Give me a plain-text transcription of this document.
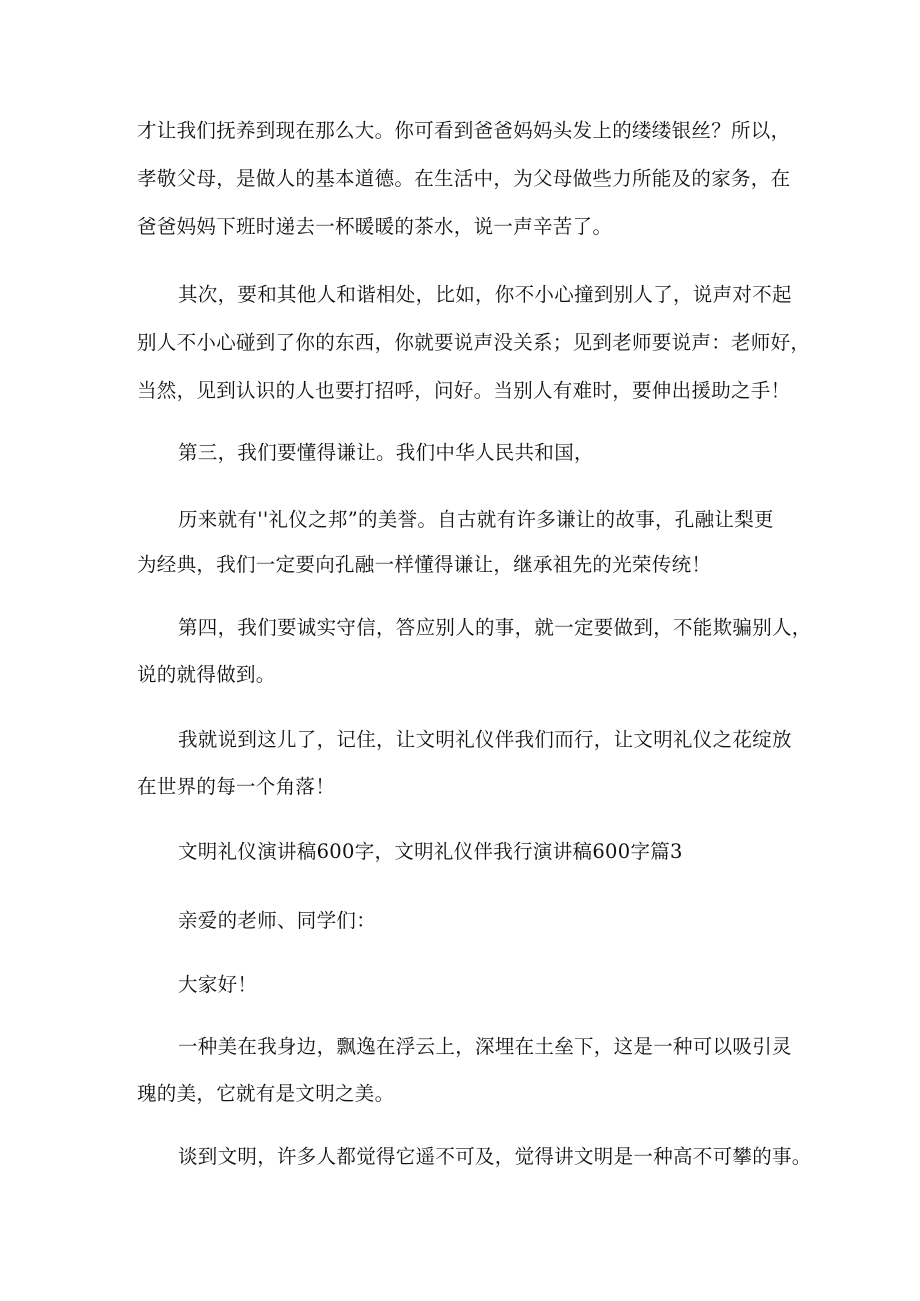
才让我们抚养到现在那么大。你可看到爸爸妈妈头发上的缕缕银丝？所以，
孝敬父母，是做人的基本道德。在生活中，为父母做些力所能及的家务，在
爸爸妈妈下班时递去一杯暖暖的茶水，说一声辛苦了。
其次，要和其他人和谐相处，比如，你不小心撞到别人了，说声对不起
别人不小心碰到了你的东西，你就要说声没关系；见到老师要说声：老师好，
当然，见到认识的人也要打招呼，问好。当别人有难时，要伸出援助之手！
第三，我们要懂得谦让。我们中华人民共和国，
历来就有''礼仪之邦”的美誉。自古就有许多谦让的故事，孔融让梨更
为经典，我们一定要向孔融一样懂得谦让，继承祖先的光荣传统！
第四，我们要诚实守信，答应别人的事，就一定要做到，不能欺骗别人，
说的就得做到。
我就说到这儿了，记住，让文明礼仪伴我们而行，让文明礼仪之花绽放
在世界的每一个角落！
文明礼仪演讲稿600字，文明礼仪伴我行演讲稿600字篇3
亲爱的老师、同学们：
大家好！
一种美在我身边，飘逸在浮云上，深埋在土垒下，这是一种可以吸引灵
瑰的美，它就有是文明之美。
谈到文明，许多人都觉得它遥不可及，觉得讲文明是一种高不可攀的事。
